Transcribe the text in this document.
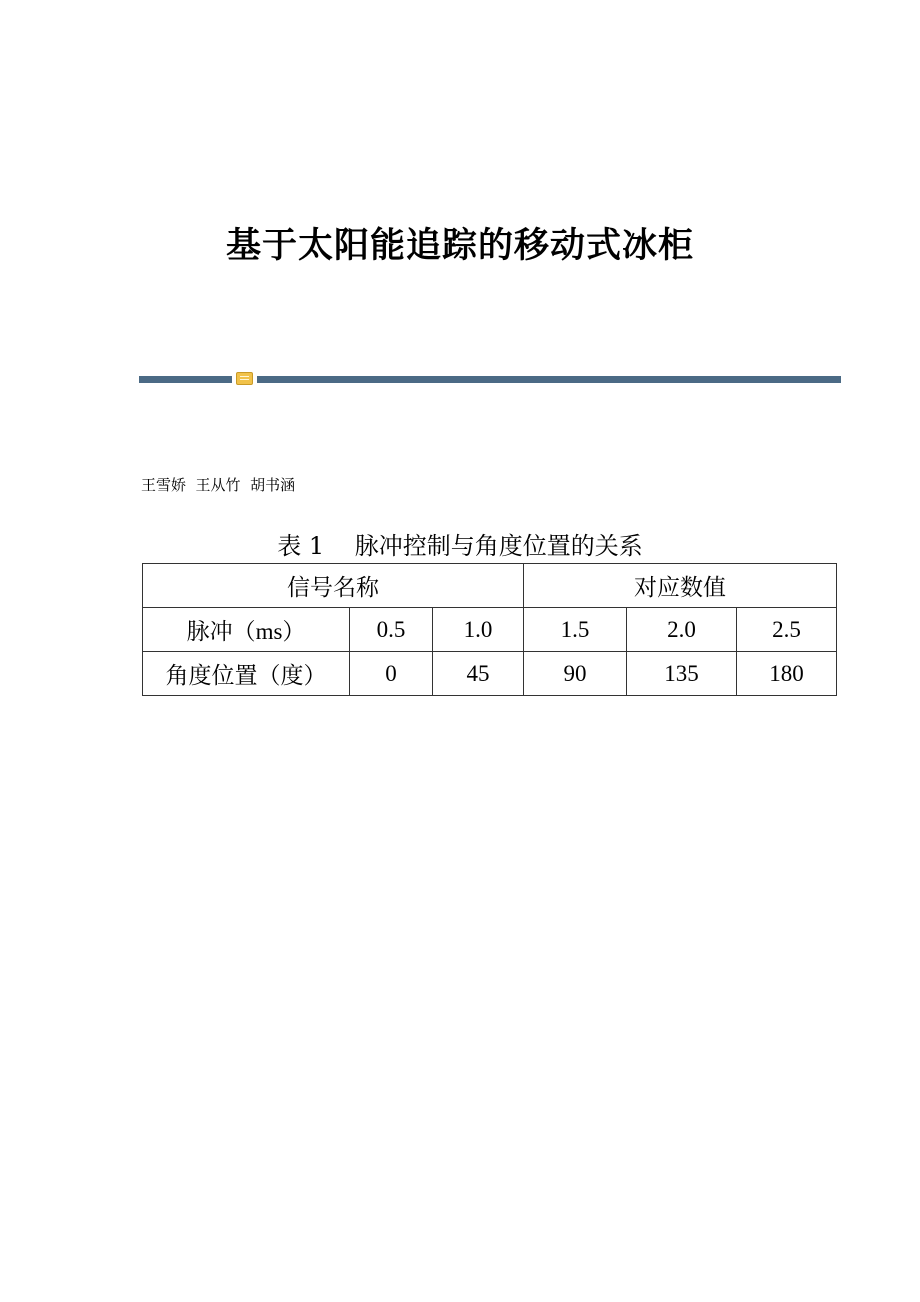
基于太阳能追踪的移动式冰柜
王雪娇  王从竹  胡书涵
表 1    脉冲控制与角度位置的关系
信号名称			对应数值		
脉冲（ms）	0.5	1.0	1.5	2.0	2.5
角度位置（度）	0	45	90	135	180
